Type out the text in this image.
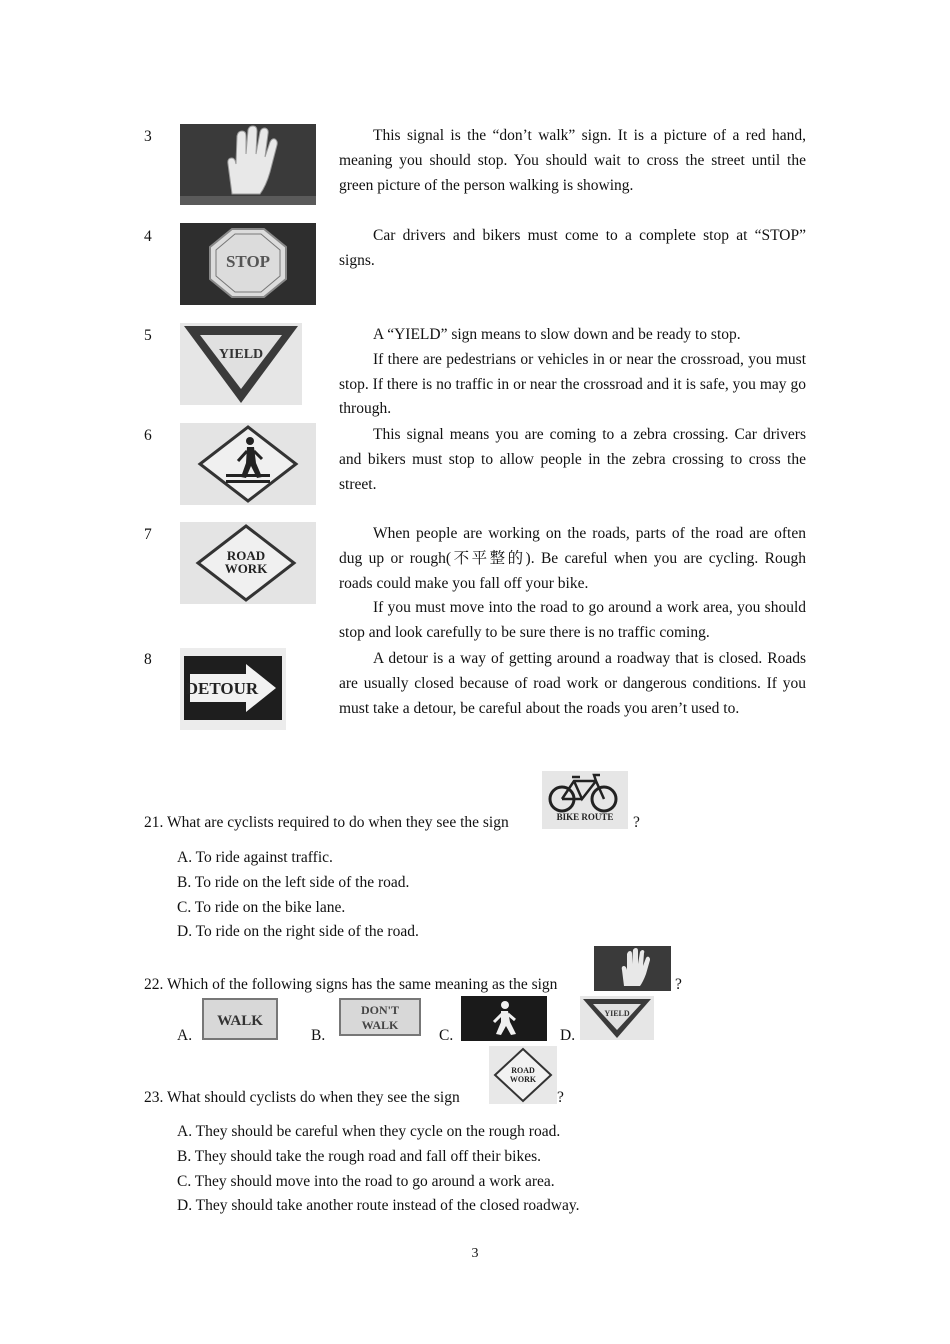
3	This signal is the “don’t walk” sign. It is a picture of a red hand, meaning you should stop. You should wait to cross the street until the green picture of the person walking is showing.

4
STOP

Car drivers and bikers must come to a complete stop at “STOP” signs.

5
YIELD

A “YIELD” sign means to slow down and be ready to stop.

If there are pedestrians or vehicles in or near the crossroad, you must stop. If there is no traffic in or near the crossroad and it is safe, you may go through.

6	This signal means you are coming to a zebra crossing. Car drivers and bikers must stop to allow people in the zebra crossing to cross the street.

7
ROAD
WORK

When people are working on the roads, parts of the road are often dug up or rough(不平整的). Be careful when you are cycling. Rough roads could make you fall off your bike.

If you must move into the road to go around a work area, you should stop and look carefully to be sure there is no traffic coming.

8
DETOUR

A detour is a way of getting around a roadway that is closed. Roads are usually closed because of road work or dangerous conditions. If you must take a detour, be careful about the roads you aren’t used to.

21. What are cyclists required to do when they see the sign	BIKE ROUTE ?
A. To ride against traffic.
B. To ride on the left side of the road.
C. To ride on the bike lane.
D. To ride on the right side of the road.
22. Which of the following signs has the same meaning as the sign	?
A.
WALK
B.
DON'T
WALK
C.	D.
YIELD
23. What should cyclists do when they see the sign
ROAD
WORK
?
A. They should be careful when they cycle on the rough road.
B. They should take the rough road and fall off their bikes.
C. They should move into the road to go around a work area.
D. They should take another route instead of the closed roadway.
3
